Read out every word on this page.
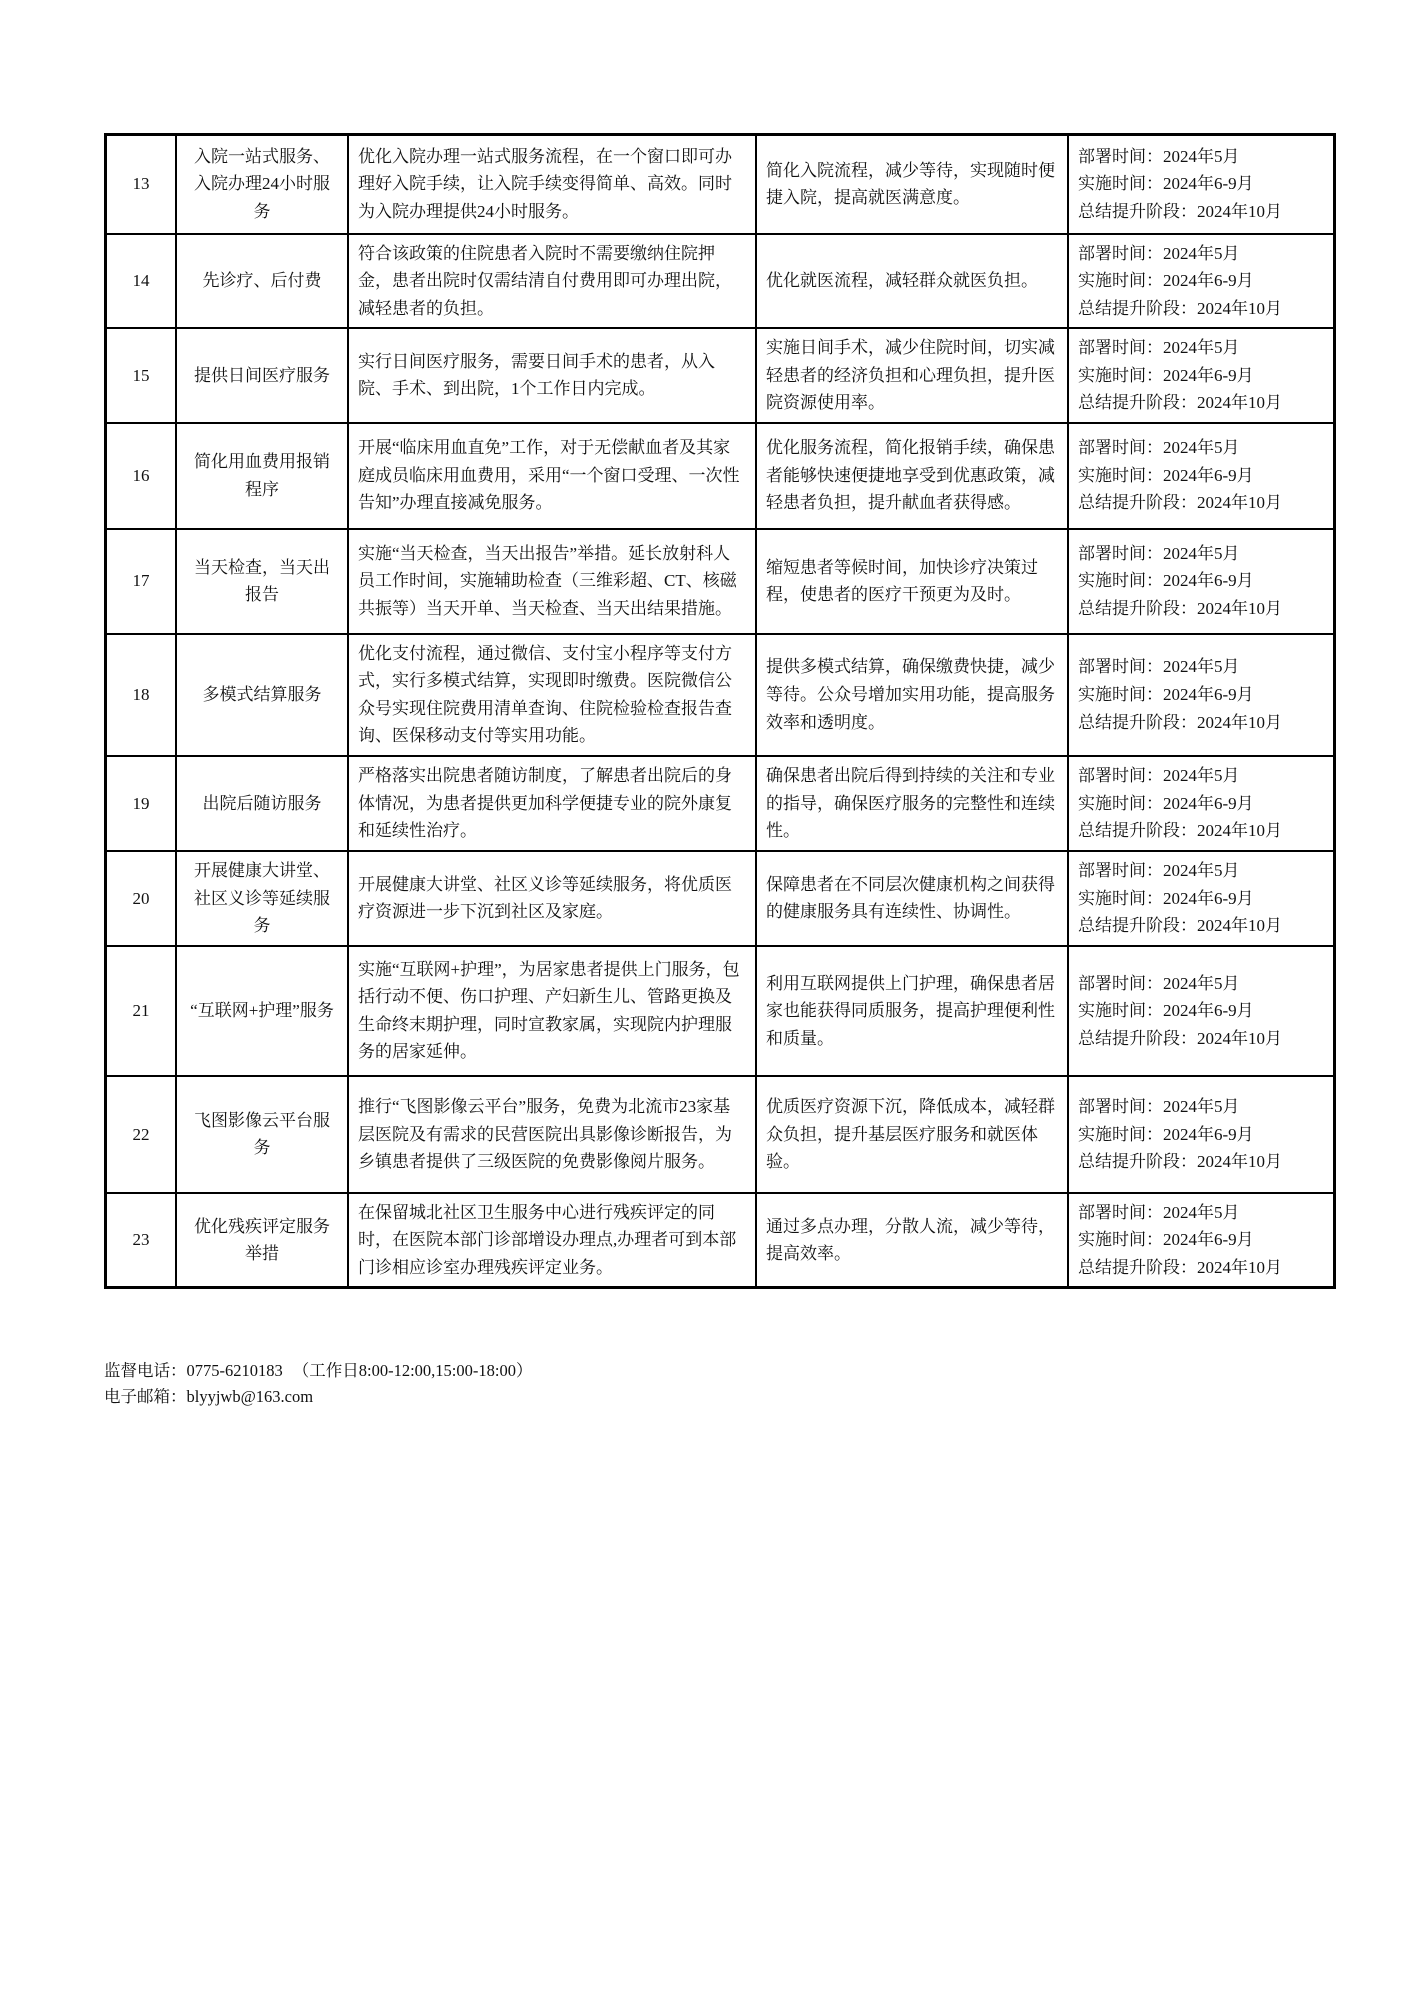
13	入院一站式服务、入院办理24小时服务	优化入院办理一站式服务流程，在一个窗口即可办理好入院手续，让入院手续变得简单、高效。同时为入院办理提供24小时服务。	简化入院流程，减少等待，实现随时便捷入院，提高就医满意度。	部署时间：2024年5月
实施时间：2024年6-9月
总结提升阶段：2024年10月

14	先诊疗、后付费	符合该政策的住院患者入院时不需要缴纳住院押金，患者出院时仅需结清自付费用即可办理出院，减轻患者的负担。	优化就医流程，减轻群众就医负担。	部署时间：2024年5月
实施时间：2024年6-9月
总结提升阶段：2024年10月

15	提供日间医疗服务	实行日间医疗服务，需要日间手术的患者，从入院、手术、到出院，1个工作日内完成。	实施日间手术，减少住院时间，切实减轻患者的经济负担和心理负担，提升医院资源使用率。	部署时间：2024年5月
实施时间：2024年6-9月
总结提升阶段：2024年10月

16	简化用血费用报销程序	开展“临床用血直免”工作，对于无偿献血者及其家庭成员临床用血费用，采用“一个窗口受理、一次性告知”办理直接减免服务。	优化服务流程，简化报销手续，确保患者能够快速便捷地享受到优惠政策，减轻患者负担，提升献血者获得感。	部署时间：2024年5月
实施时间：2024年6-9月
总结提升阶段：2024年10月

17	当天检查，当天出报告	实施“当天检查，当天出报告”举措。延长放射科人员工作时间，实施辅助检查（三维彩超、CT、核磁共振等）当天开单、当天检查、当天出结果措施。	缩短患者等候时间，加快诊疗决策过程，使患者的医疗干预更为及时。	部署时间：2024年5月
实施时间：2024年6-9月
总结提升阶段：2024年10月

18	多模式结算服务	优化支付流程，通过微信、支付宝小程序等支付方式，实行多模式结算，实现即时缴费。医院微信公众号实现住院费用清单查询、住院检验检查报告查询、医保移动支付等实用功能。	提供多模式结算，确保缴费快捷，减少等待。公众号增加实用功能，提高服务效率和透明度。	部署时间：2024年5月
实施时间：2024年6-9月
总结提升阶段：2024年10月

19	出院后随访服务	严格落实出院患者随访制度，了解患者出院后的身体情况，为患者提供更加科学便捷专业的院外康复和延续性治疗。	确保患者出院后得到持续的关注和专业的指导，确保医疗服务的完整性和连续性。	部署时间：2024年5月
实施时间：2024年6-9月
总结提升阶段：2024年10月

20	开展健康大讲堂、社区义诊等延续服务	开展健康大讲堂、社区义诊等延续服务，将优质医疗资源进一步下沉到社区及家庭。	保障患者在不同层次健康机构之间获得的健康服务具有连续性、协调性。	部署时间：2024年5月
实施时间：2024年6-9月
总结提升阶段：2024年10月

21	“互联网+护理”服务	实施“互联网+护理”，为居家患者提供上门服务，包括行动不便、伤口护理、产妇新生儿、管路更换及生命终末期护理，同时宣教家属，实现院内护理服务的居家延伸。	利用互联网提供上门护理，确保患者居家也能获得同质服务，提高护理便利性和质量。	部署时间：2024年5月
实施时间：2024年6-9月
总结提升阶段：2024年10月

22	飞图影像云平台服务	推行“飞图影像云平台”服务，免费为北流市23家基层医院及有需求的民营医院出具影像诊断报告，为乡镇患者提供了三级医院的免费影像阅片服务。	优质医疗资源下沉，降低成本，减轻群众负担，提升基层医疗服务和就医体验。	部署时间：2024年5月
实施时间：2024年6-9月
总结提升阶段：2024年10月

23	优化残疾评定服务举措	在保留城北社区卫生服务中心进行残疾评定的同时，在医院本部门诊部增设办理点,办理者可到本部门诊相应诊室办理残疾评定业务。	通过多点办理，分散人流，减少等待，提高效率。	部署时间：2024年5月
实施时间：2024年6-9月
总结提升阶段：2024年10月
监督电话：0775-6210183 （工作日8:00-12:00,15:00-18:00）
电子邮箱：blyyjwb@163.com
